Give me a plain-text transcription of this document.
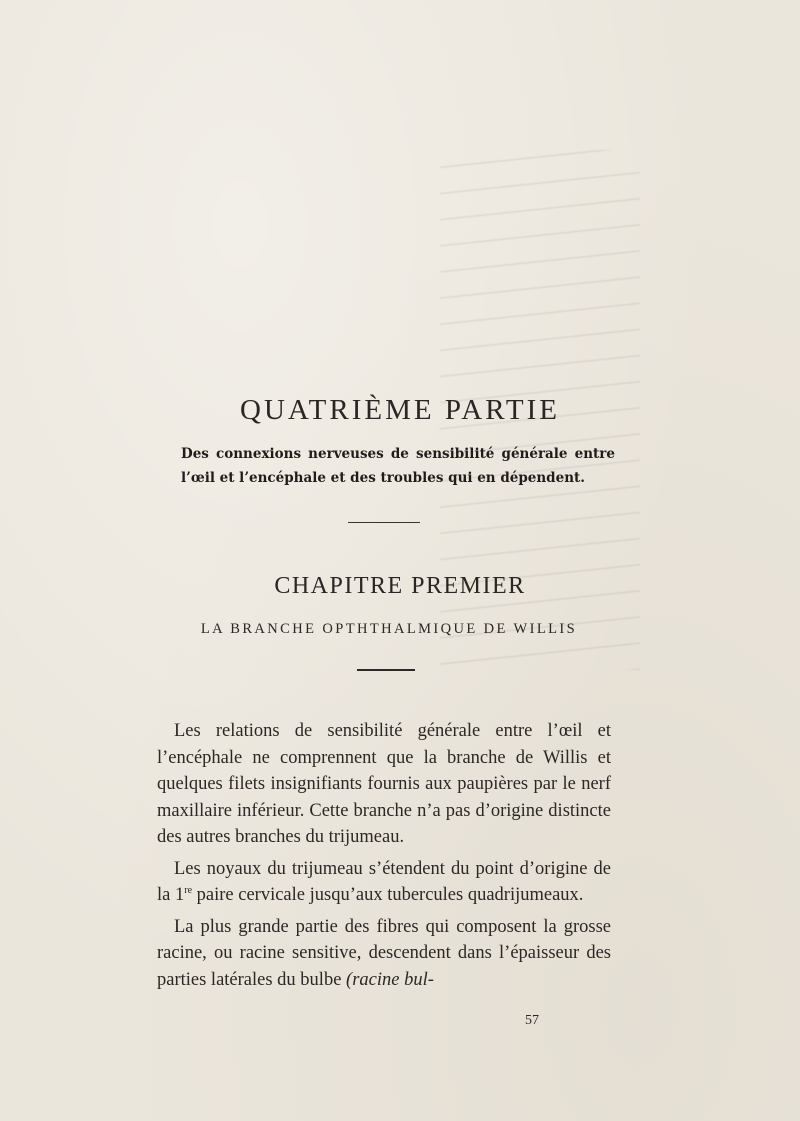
QUATRIÈME PARTIE
Des connexions nerveuses de sensibilité générale entre l’œil et l’encéphale et des troubles qui en dépendent.
CHAPITRE PREMIER
LA BRANCHE OPTHTHALMIQUE DE WILLIS

Les relations de sensibilité générale entre l’œil et l’encéphale ne comprennent que la branche de Willis et quelques filets insignifiants fournis aux paupières par le nerf maxillaire inférieur. Cette branche n’a pas d’origine distincte des autres branches du trijumeau.

Les noyaux du trijumeau s’étendent du point d’origine de la 1re paire cervicale jusqu’aux tubercules quadrijumeaux.

La plus grande partie des fibres qui composent la grosse racine, ou racine sensitive, descendent dans l’épaisseur des parties latérales du bulbe (racine bul-

57
